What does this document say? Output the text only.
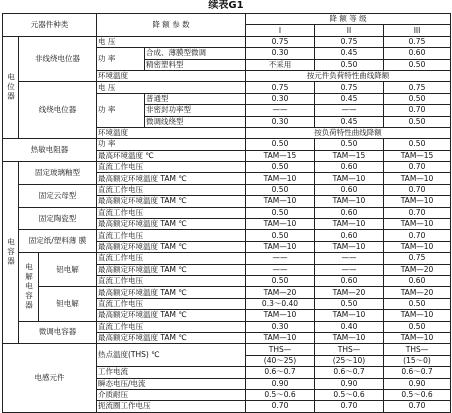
续表G1
元器件种类			降 额 参 数		降 额 等 级		
					I	II	III
电位器	非线绕电位器		电 压		0.75	0.75	0.75
			功 率	合成、薄膜型微调	0.30	0.45	0.60
				精密塑料型	不采用	0.50	0.50
			环境温度		按元件负荷特性曲线降额		
	线绕电位器		电 压		0.75	0.75	0.75
			功 率	普通型	0.30	0.45	0.50
				非密封功率型	——	——	0.70
				微调线绕型	0.30	0.45	0.50
			环境温度		按负荷特性曲线降额		
热敏电阻器			功 率		0.50	0.50	0.50
			最高环境温度 ℃		TAM—15	TAM—15	TAM—15
电容器	固定玻璃釉型		直流工作电压		0.50	0.60	0.70
			最高额定环境温度 TAM ℃		TAM—10	TAM—10	TAM—10
	固定云母型		直流工作电压		0.50	0.60	0.70
			最高额定环境温度 TAM ℃		TAM—10	TAM—10	TAM—10
	固定陶瓷型		直流工作电压		0.50	0.60	0.70
			最高额定环境温度 TAM ℃		TAM—10	TAM—10	TAM—10
	固定纸/塑料薄 膜		直流工作电压		0.50	0.60	0.70
			最高额定环境温度 TAM ℃		TAM—10	TAM—10	TAM—10
	电解电容器	铝电解	直流工作电压		——	——	0.75
			最高额定环境温度 TAM ℃		——	——	TAM—20
			直流工作电压		0.50	0.60	0.60
		钽电解	最高额定环境温度 TAM ℃		TAM—20	TAM—20	TAM—20
			直流工作电压		0.3～0.40	0.50	0.50
			最高额定环境温度 TAM ℃		TAM—10	TAM—10	TAM—10
	微调电容器		直流工作电压		0.30	0.40	0.50
			最高额定环境温度 TAM ℃		TAM—10	TAM—10	TAM—10
电感元件			热点温度(THS) ℃		THS—	THS—	THS—
					(40～25)	(25～10)	(15～0)
			工作电流		0.6～0.7	0.6～0.7	0.6～0.7
			瞬态电压/电流		0.90	0.90	0.90
			介质耐压		0.5～0.6	0.5～0.6	0.5～0.6
			扼流圈工作电压		0.70	0.70	0.70
